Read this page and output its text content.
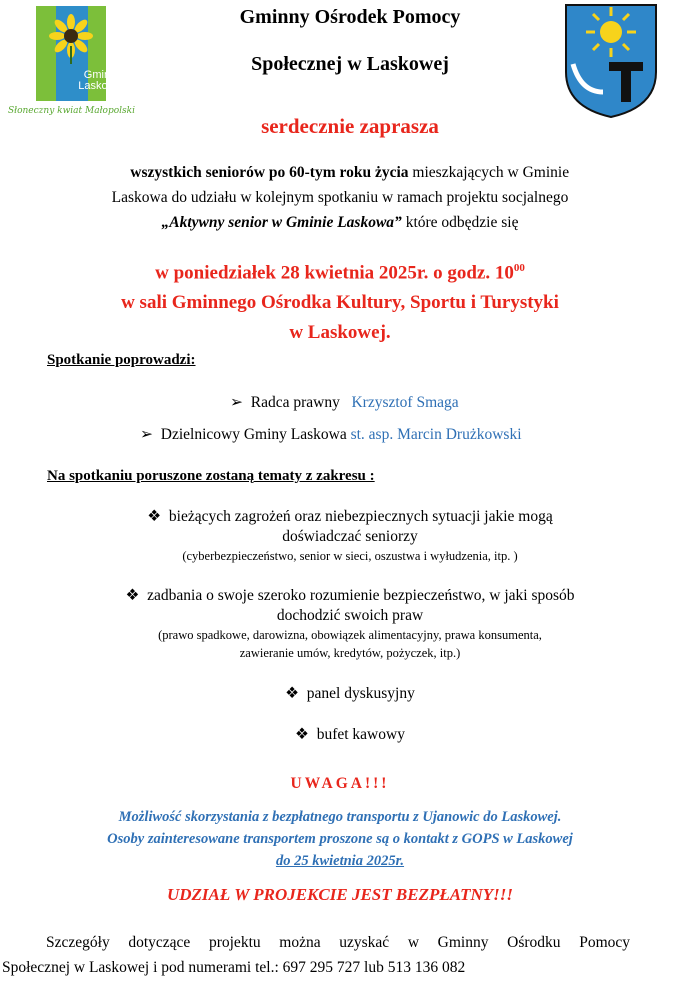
Gmina
Laskowa
Słoneczny kwiat Małopolski
Gminny Ośrodek Pomocy
Społecznej w Laskowej
serdecznie zaprasza
wszystkich seniorów po 60-tym roku życia mieszkających w Gminie
Laskowa do udziału w kolejnym spotkaniu w ramach projektu socjalnego
„Aktywny senior w Gminie Laskowa” które odbędzie się
w poniedziałek 28 kwietnia 2025r. o godz. $10^{00}$
w sali Gminnego Ośrodka Kultury, Sportu i Turystyki
w Laskowej.
Spotkanie poprowadzi:
➢ Radca prawny Krzysztof Smaga
➢ Dzielnicowy Gminy Laskowa st. asp. Marcin Drużkowski
Na spotkaniu poruszone zostaną tematy z zakresu :
❖ bieżących zagrożeń oraz niebezpiecznych sytuacji jakie mogą
doświadczać seniorzy
(cyberbezpieczeństwo, senior w sieci, oszustwa i wyłudzenia, itp. )
❖ zadbania o swoje szeroko rozumienie bezpieczeństwo, w jaki sposób
dochodzić swoich praw
(prawo spadkowe, darowizna, obowiązek alimentacyjny, prawa konsumenta,
zawieranie umów, kredytów, pożyczek, itp.)
❖ panel dyskusyjny
❖ bufet kawowy
UWAGA!!!
Możliwość skorzystania z bezpłatnego transportu z Ujanowic do Laskowej.
Osoby zainteresowane transportem proszone są o kontakt z GOPS w Laskowej
do 25 kwietnia 2025r.
UDZIAŁ W PROJEKCIE JEST BEZPŁATNY!!!
Szczegóły dotyczące projektu można uzyskać w Gminny Ośrodku Pomocy
Społecznej w Laskowej i pod numerami tel.: 697 295 727 lub 513 136 082
